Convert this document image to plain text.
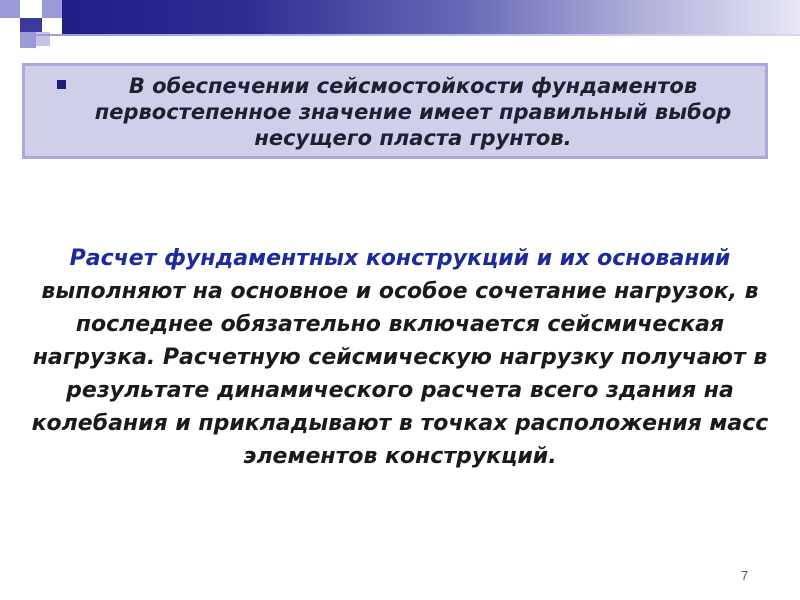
В обеспечении сейсмостойкости фундаментов первостепенное значение имеет правильный выбор несущего пласта грунтов.

Расчет фундаментных конструкций и их оснований выполняют на основное и особое сочетание нагрузок, в последнее обязательно включается сейсмическая нагрузка. Расчетную сейсмическую нагрузку получают в результате динамического расчета всего здания на колебания и прикладывают в точках расположения масс элементов конструкций.

7
